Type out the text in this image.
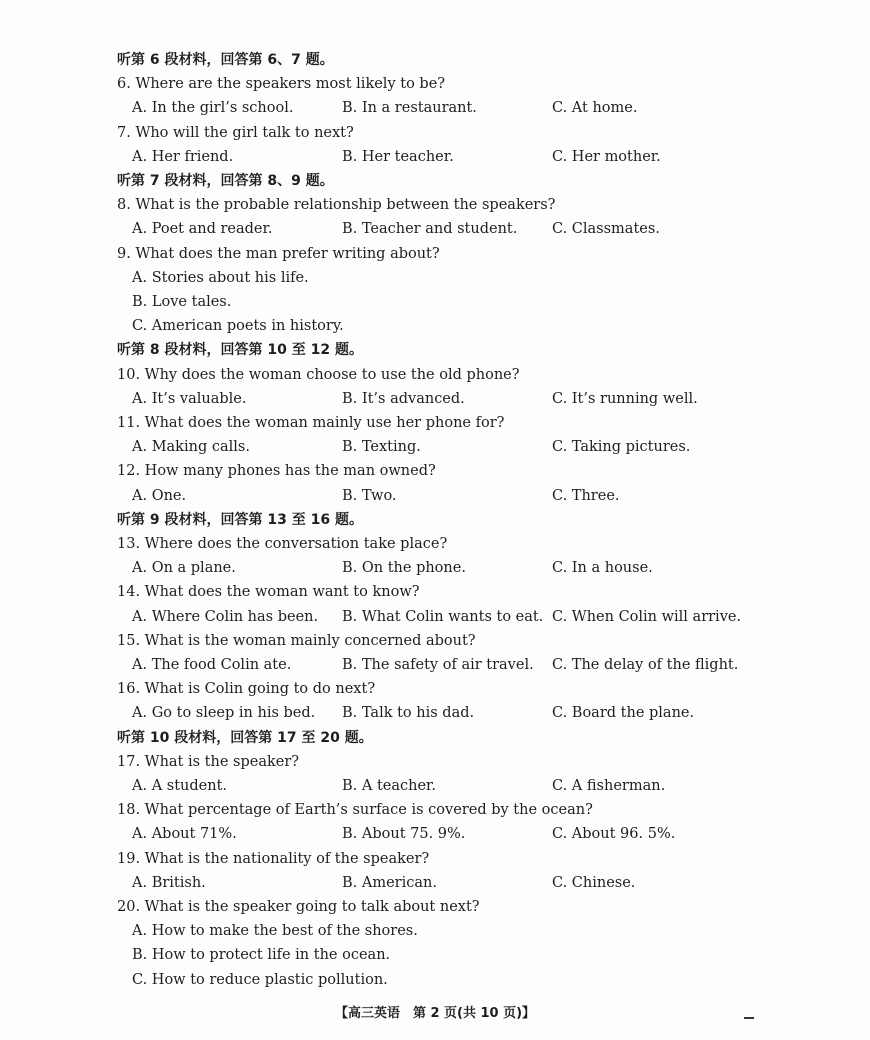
听第 6 段材料，回答第 6、7 题。
6. Where are the speakers most likely to be?
A. In the girl’s school.	B. In a restaurant.	C. At home.
7. Who will the girl talk to next?
A. Her friend.	B. Her teacher.	C. Her mother.
听第 7 段材料，回答第 8、9 题。
8. What is the probable relationship between the speakers?
A. Poet and reader.	B. Teacher and student. C. Classmates.
9. What does the man prefer writing about?
A. Stories about his life.
B. Love tales.
C. American poets in history.
听第 8 段材料，回答第 10 至 12 题。
10. Why does the woman choose to use the old phone?
A. It’s valuable.	B. It’s advanced.	C. It’s running well.
11. What does the woman mainly use her phone for?
A. Making calls.	B. Texting.	C. Taking pictures.
12. How many phones has the man owned?
A. One.	B. Two.	C. Three.
听第 9 段材料，回答第 13 至 16 题。
13. Where does the conversation take place?
A. On a plane.	B. On the phone.	C. In a house.
14. What does the woman want to know?
A. Where Colin has been. B. What Colin wants to eat. C. When Colin will arrive.
15. What is the woman mainly concerned about?
A. The food Colin ate.	B. The safety of air travel. C. The delay of the flight.
16. What is Colin going to do next?
A. Go to sleep in his bed. B. Talk to his dad.	C. Board the plane.
听第 10 段材料，回答第 17 至 20 题。
17. What is the speaker?
A. A student.	B. A teacher.	C. A fisherman.
18. What percentage of Earth’s surface is covered by the ocean?
A. About 71%.	B. About 75. 9%.	C. About 96. 5%.
19. What is the nationality of the speaker?
A. British.	B. American.	C. Chinese.
20. What is the speaker going to talk about next?
A. How to make the best of the shores.
B. How to protect life in the ocean.
C. How to reduce plastic pollution.
【高三英语　第 2 页(共 10 页)】
